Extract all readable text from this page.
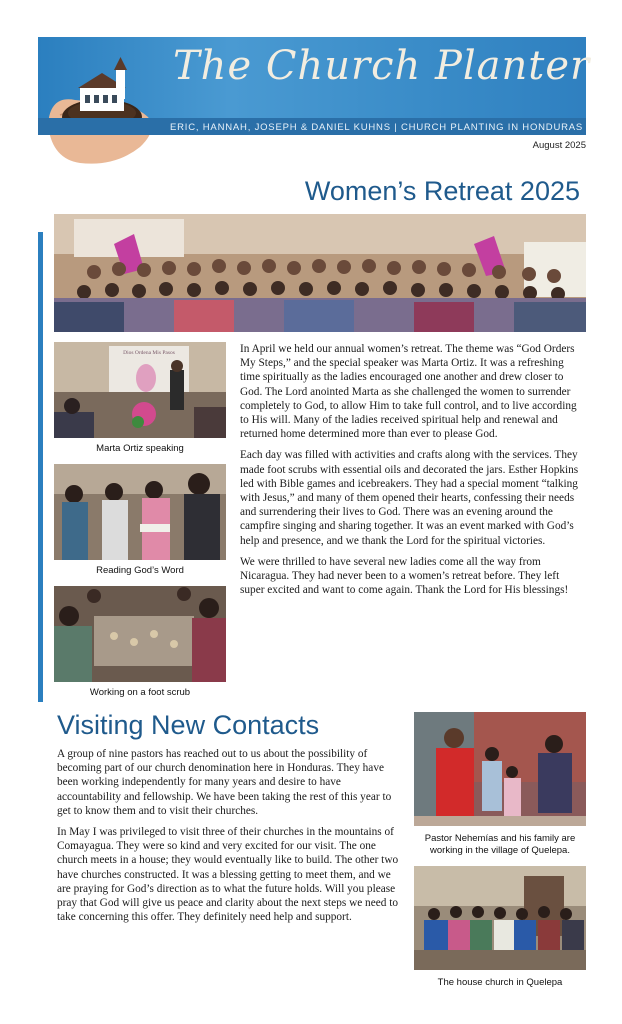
The Church Planter
ERIC, HANNAH, JOSEPH & DANIEL KUHNS | CHURCH PLANTING IN HONDURAS
August 2025
Women’s Retreat 2025
Dios Ordena Mis Pasos
Marta Ortiz speaking
Reading God’s Word
Working on a foot scrub

In April we held our annual women’s retreat. The theme was “God Orders My Steps,” and the special speaker was Marta Ortiz. It was a refreshing time spiritually as the ladies encouraged one another and drew closer to God. The Lord anointed Marta as she challenged the women to surrender completely to God, to allow Him to take full control, and to live according to His will. Many of the ladies received spiritual help and renewal and returned home determined more than ever to please God.

Each day was filled with activities and crafts along with the services. They made foot scrubs with essential oils and decorated the jars. Esther Hopkins led with Bible games and icebreakers. They had a special moment “talking with Jesus,” and many of them opened their hearts, confessing their needs and surrendering their lives to God. There was an evening around the campfire singing and sharing together. It was an event marked with God’s help and presence, and we thank the Lord for the spiritual victories.

We were thrilled to have several new ladies come all the way from Nicaragua. They had never been to a women’s retreat before. They left super excited and want to come again. Thank the Lord for His blessings!

Visiting New Contacts

A group of nine pastors has reached out to us about the possibility of becoming part of our church denomination here in Honduras. They have been working independently for many years and desire to have accountability and fellowship. We have been taking the rest of this year to get to know them and to visit their churches.

In May I was privileged to visit three of their churches in the mountains of Comayagua. They were so kind and very excited for our visit. The one church meets in a house; they would eventually like to build. The other two have churches constructed. It was a blessing getting to meet them, and we are praying for God’s direction as to what the future holds. Will you please pray that God will give us peace and clarity about the next steps we need to take concerning this offer. They definitely need help and support.

Pastor Nehemías and his family are working in the village of Quelepa.
The house church in Quelepa
